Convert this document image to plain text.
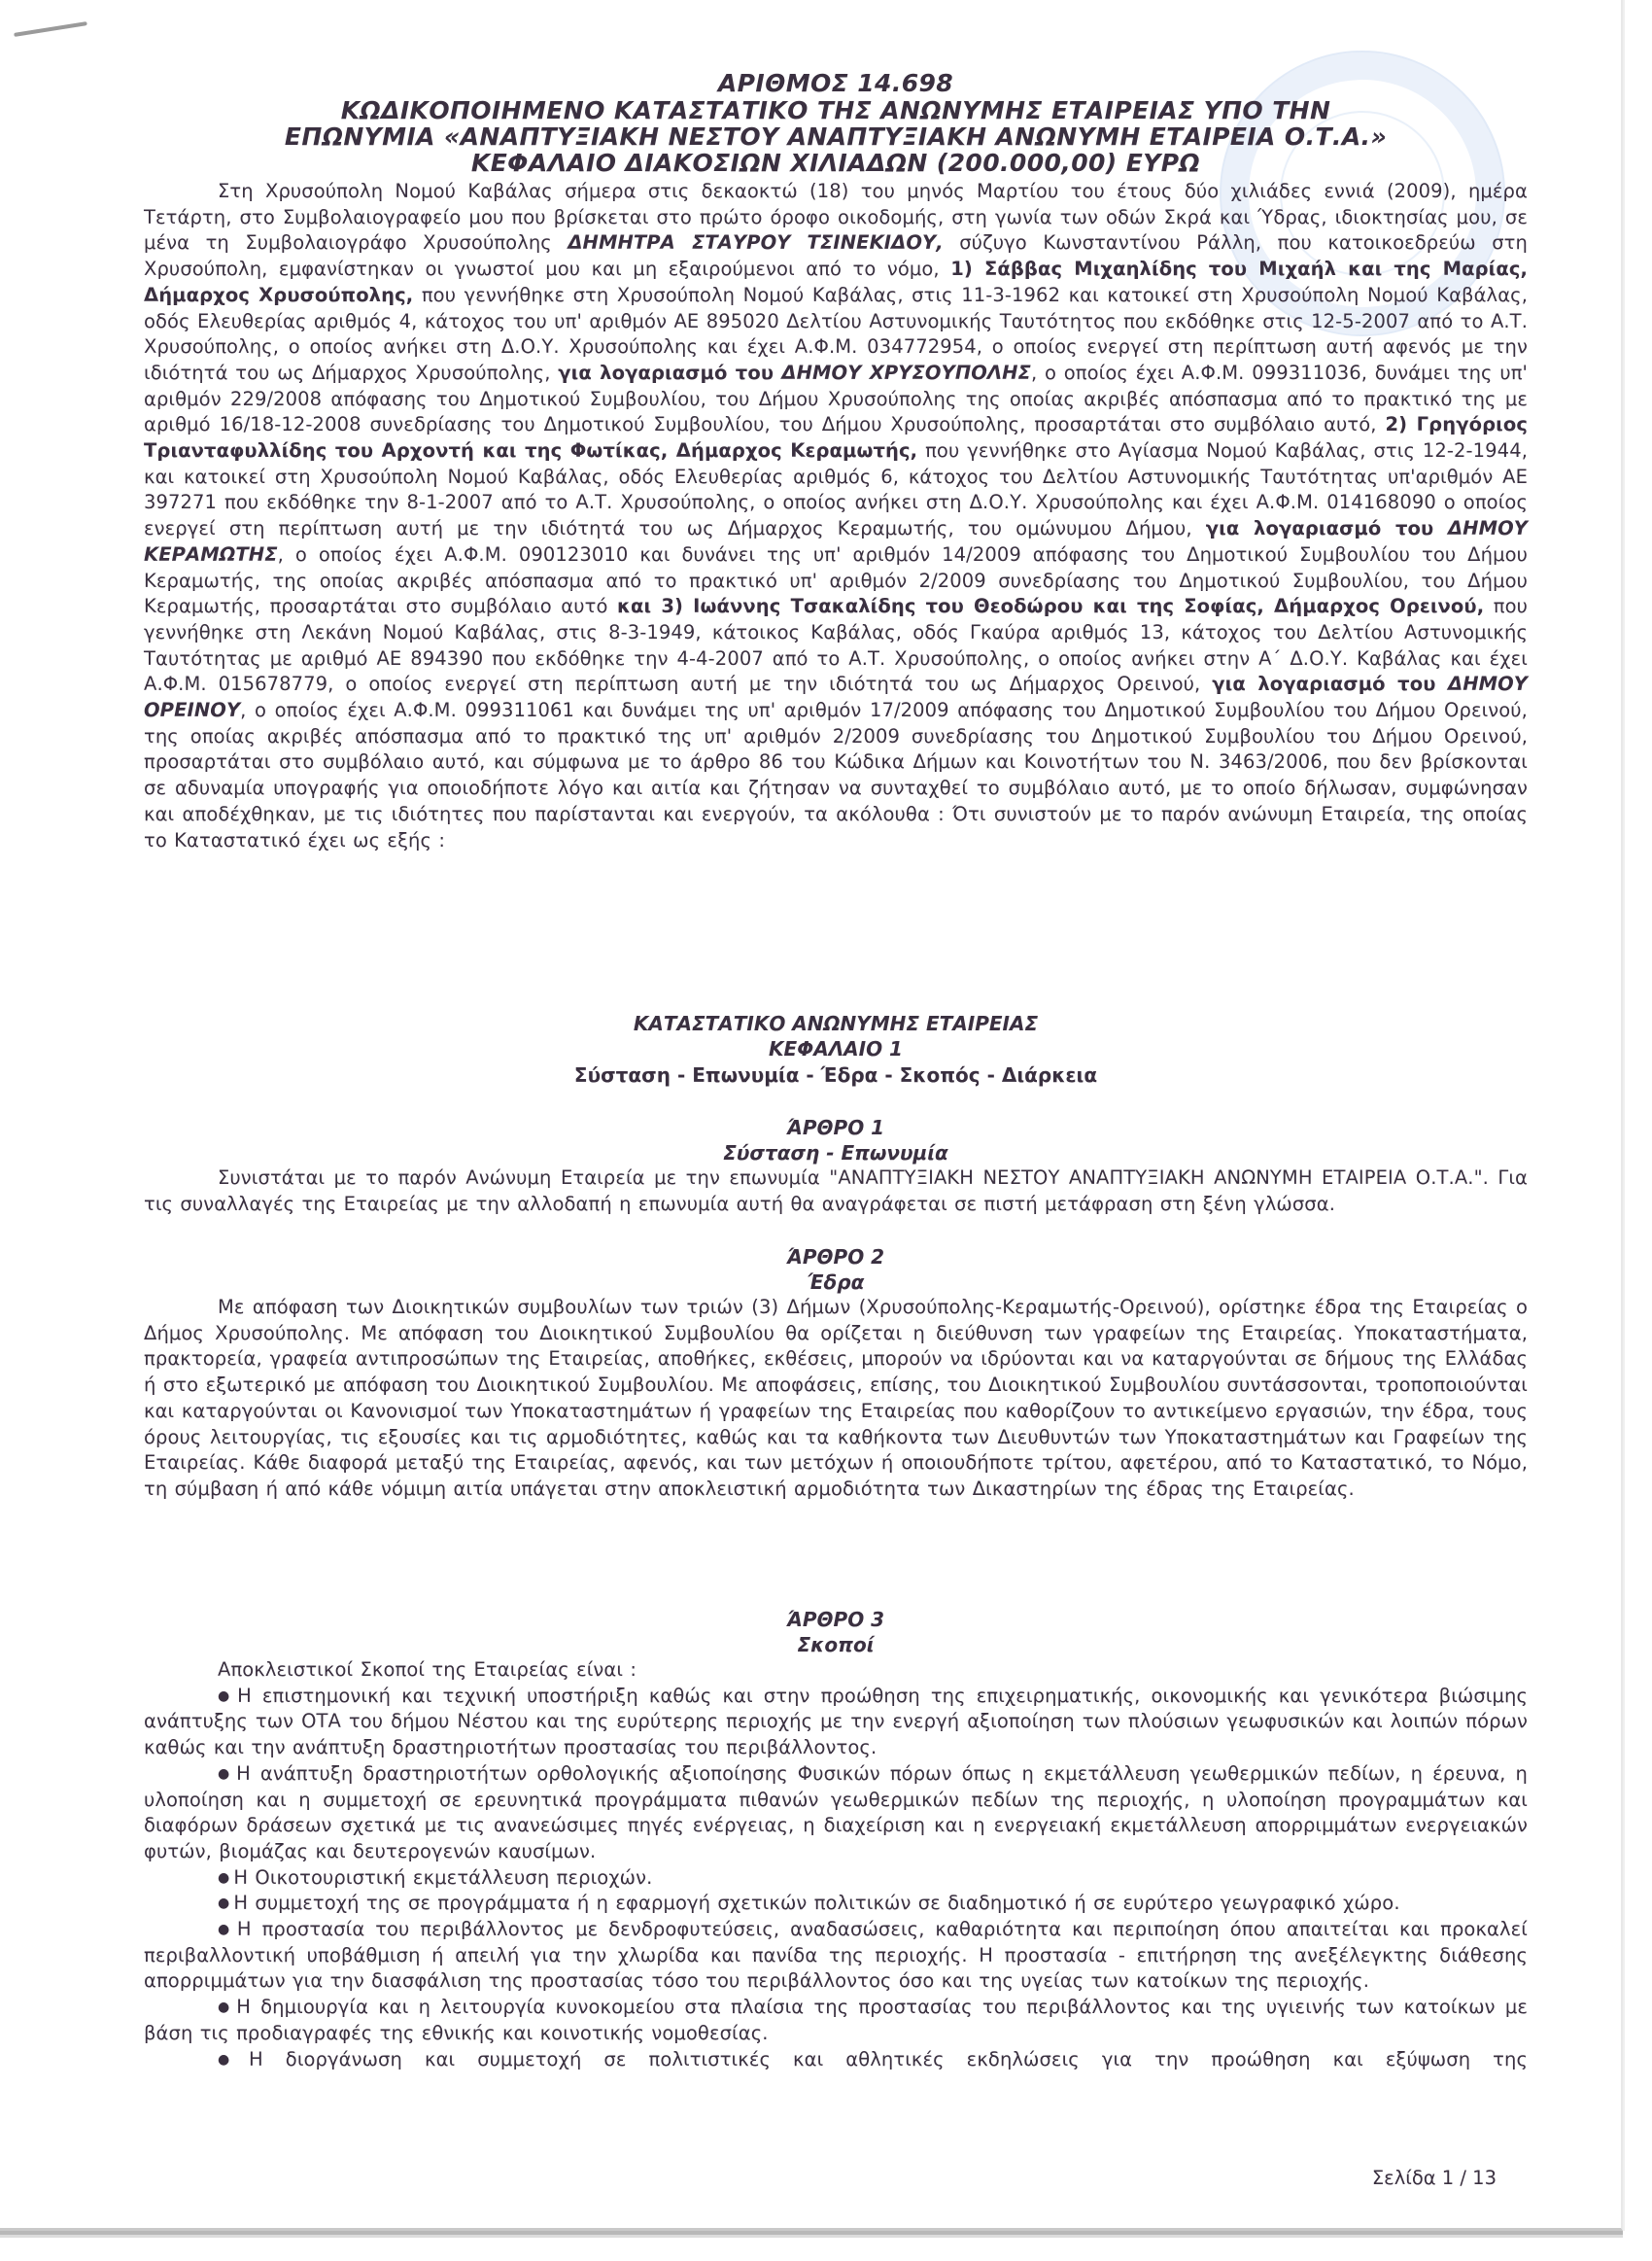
ΑΡΙΘΜΟΣ 14.698
ΚΩΔΙΚΟΠΟΙΗΜΕΝΟ ΚΑΤΑΣΤΑΤΙΚΟ ΤΗΣ ΑΝΩΝΥΜΗΣ ΕΤΑΙΡΕΙΑΣ ΥΠΟ ΤΗΝ
ΕΠΩΝΥΜΙΑ «ΑΝΑΠΤΥΞΙΑΚΗ ΝΕΣΤΟΥ ΑΝΑΠΤΥΞΙΑΚΗ ΑΝΩΝΥΜΗ ΕΤΑΙΡΕΙΑ Ο.Τ.Α.»
ΚΕΦΑΛΑΙΟ ΔΙΑΚΟΣΙΩΝ ΧΙΛΙΑΔΩΝ (200.000,00) ΕΥΡΩ
Στη Χρυσούπολη Νομού Καβάλας σήμερα στις δεκαοκτώ (18) του μηνός Μαρτίου του έτους δύο χιλιάδες εννιά (2009), ημέρα Τετάρτη, στο Συμβολαιογραφείο μου που βρίσκεται στο πρώτο όροφο οικοδομής, στη γωνία των οδών Σκρά και Ύδρας, ιδιοκτησίας μου, σε μένα τη Συμβολαιογράφο Χρυσούπολης ΔΗΜΗΤΡΑ ΣΤΑΥΡΟΥ ΤΣΙΝΕΚΙΔΟΥ, σύζυγο Κωνσταντίνου Ράλλη, που κατοικοεδρεύω στη Χρυσούπολη, εμφανίστηκαν οι γνωστοί μου και μη εξαιρούμενοι από το νόμο, 1) Σάββας Μιχαηλίδης του Μιχαήλ και της Μαρίας, Δήμαρχος Χρυσούπολης, που γεννήθηκε στη Χρυσούπολη Νομού Καβάλας, στις 11-3-1962 και κατοικεί στη Χρυσούπολη Νομού Καβάλας, οδός Ελευθερίας αριθμός 4, κάτοχος του υπ' αριθμόν ΑΕ 895020 Δελτίου Αστυνομικής Ταυτότητος που εκδόθηκε στις 12-5-2007 από το Α.Τ. Χρυσούπολης, ο οποίος ανήκει στη Δ.Ο.Υ. Χρυσούπολης και έχει Α.Φ.Μ. 034772954, ο οποίος ενεργεί στη περίπτωση αυτή αφενός με την ιδιότητά του ως Δήμαρχος Χρυσούπολης, για λογαριασμό του ΔΗΜΟΥ ΧΡΥΣΟΥΠΟΛΗΣ, ο οποίος έχει Α.Φ.Μ. 099311036, δυνάμει της υπ' αριθμόν 229/2008 απόφασης του Δημοτικού Συμβουλίου, του Δήμου Χρυσούπολης της οποίας ακριβές απόσπασμα από το πρακτικό της με αριθμό 16/18-12-2008 συνεδρίασης του Δημοτικού Συμβουλίου, του Δήμου Χρυσούπολης, προσαρτάται στο συμβόλαιο αυτό, 2) Γρηγόριος Τριανταφυλλίδης του Αρχοντή και της Φωτίκας, Δήμαρχος Κεραμωτής, που γεννήθηκε στο Αγίασμα Νομού Καβάλας, στις 12-2-1944, και κατοικεί στη Χρυσούπολη Νομού Καβάλας, οδός Ελευθερίας αριθμός 6, κάτοχος του Δελτίου Αστυνομικής Ταυτότητας υπ'αριθμόν ΑΕ 397271 που εκδόθηκε την 8-1-2007 από το Α.Τ. Χρυσούπολης, ο οποίος ανήκει στη Δ.Ο.Υ. Χρυσούπολης και έχει Α.Φ.Μ. 014168090 ο οποίος ενεργεί στη περίπτωση αυτή με την ιδιότητά του ως Δήμαρχος Κεραμωτής, του ομώνυμου Δήμου, για λογαριασμό του ΔΗΜΟΥ ΚΕΡΑΜΩΤΗΣ, ο οποίος έχει Α.Φ.Μ. 090123010 και δυνάνει της υπ' αριθμόν 14/2009 απόφασης του Δημοτικού Συμβουλίου του Δήμου Κεραμωτής, της οποίας ακριβές απόσπασμα από το πρακτικό υπ' αριθμόν 2/2009 συνεδρίασης του Δημοτικού Συμβουλίου, του Δήμου Κεραμωτής, προσαρτάται στο συμβόλαιο αυτό και 3) Ιωάννης Τσακαλίδης του Θεοδώρου και της Σοφίας, Δήμαρχος Ορεινού, που γεννήθηκε στη Λεκάνη Νομού Καβάλας, στις 8-3-1949, κάτοικος Καβάλας, οδός Γκαύρα αριθμός 13, κάτοχος του Δελτίου Αστυνομικής Ταυτότητας με αριθμό ΑΕ 894390 που εκδόθηκε την 4-4-2007 από το Α.Τ. Χρυσούπολης, ο οποίος ανήκει στην Α΄ Δ.Ο.Υ. Καβάλας και έχει Α.Φ.Μ. 015678779, ο οποίος ενεργεί στη περίπτωση αυτή με την ιδιότητά του ως Δήμαρχος Ορεινού, για λογαριασμό του ΔΗΜΟΥ ΟΡΕΙΝΟΥ, ο οποίος έχει Α.Φ.Μ. 099311061 και δυνάμει της υπ' αριθμόν 17/2009 απόφασης του Δημοτικού Συμβουλίου του Δήμου Ορεινού, της οποίας ακριβές απόσπασμα από το πρακτικό της υπ' αριθμόν 2/2009 συνεδρίασης του Δημοτικού Συμβουλίου του Δήμου Ορεινού, προσαρτάται στο συμβόλαιο αυτό, και σύμφωνα με το άρθρο 86 του Κώδικα Δήμων και Κοινοτήτων του Ν. 3463/2006, που δεν βρίσκονται σε αδυναμία υπογραφής για οποιοδήποτε λόγο και αιτία και ζήτησαν να συνταχθεί το συμβόλαιο αυτό, με το οποίο δήλωσαν, συμφώνησαν και αποδέχθηκαν, με τις ιδιότητες που παρίστανται και ενεργούν, τα ακόλουθα : Ότι συνιστούν με το παρόν ανώνυμη Εταιρεία, της οποίας το Καταστατικό έχει ως εξής :
ΚΑΤΑΣΤΑΤΙΚΟ ΑΝΩΝΥΜΗΣ ΕΤΑΙΡΕΙΑΣ
ΚΕΦΑΛΑΙΟ 1
Σύσταση - Επωνυμία - Έδρα - Σκοπός - Διάρκεια
ΆΡΘΡΟ 1
Σύσταση - Επωνυμία
Συνιστάται με το παρόν Ανώνυμη Εταιρεία με την επωνυμία "ΑΝΑΠΤΥΞΙΑΚΗ ΝΕΣΤΟΥ ΑΝΑΠΤΥΞΙΑΚΗ ΑΝΩΝΥΜΗ ΕΤΑΙΡΕΙΑ Ο.Τ.Α.". Για τις συναλλαγές της Εταιρείας με την αλλοδαπή η επωνυμία αυτή θα αναγράφεται σε πιστή μετάφραση στη ξένη γλώσσα.
ΆΡΘΡΟ 2
Έδρα
Με απόφαση των Διοικητικών συμβουλίων των τριών (3) Δήμων (Χρυσούπολης-Κεραμωτής-Ορεινού), ορίστηκε έδρα της Εταιρείας ο Δήμος Χρυσούπολης. Με απόφαση του Διοικητικού Συμβουλίου θα ορίζεται η διεύθυνση των γραφείων της Εταιρείας. Υποκαταστήματα, πρακτορεία, γραφεία αντιπροσώπων της Εταιρείας, αποθήκες, εκθέσεις, μπορούν να ιδρύονται και να καταργούνται σε δήμους της Ελλάδας ή στο εξωτερικό με απόφαση του Διοικητικού Συμβουλίου. Με αποφάσεις, επίσης, του Διοικητικού Συμβουλίου συντάσσονται, τροποποιούνται και καταργούνται οι Κανονισμοί των Υποκαταστημάτων ή γραφείων της Εταιρείας που καθορίζουν το αντικείμενο εργασιών, την έδρα, τους όρους λειτουργίας, τις εξουσίες και τις αρμοδιότητες, καθώς και τα καθήκοντα των Διευθυντών των Υποκαταστημάτων και Γραφείων της Εταιρείας. Κάθε διαφορά μεταξύ της Εταιρείας, αφενός, και των μετόχων ή οποιουδήποτε τρίτου, αφετέρου, από το Καταστατικό, το Νόμο, τη σύμβαση ή από κάθε νόμιμη αιτία υπάγεται στην αποκλειστική αρμοδιότητα των Δικαστηρίων της έδρας της Εταιρείας.
ΆΡΘΡΟ 3
Σκοποί

Αποκλειστικοί Σκοποί της Εταιρείας είναι :

● Η επιστημονική και τεχνική υποστήριξη καθώς και στην προώθηση της επιχειρηματικής, οικονομικής και γενικότερα βιώσιμης ανάπτυξης των ΟΤΑ του δήμου Νέστου και της ευρύτερης περιοχής με την ενεργή αξιοποίηση των πλούσιων γεωφυσικών και λοιπών πόρων καθώς και την ανάπτυξη δραστηριοτήτων προστασίας του περιβάλλοντος.

● Η ανάπτυξη δραστηριοτήτων ορθολογικής αξιοποίησης Φυσικών πόρων όπως η εκμετάλλευση γεωθερμικών πεδίων, η έρευνα, η υλοποίηση και η συμμετοχή σε ερευνητικά προγράμματα πιθανών γεωθερμικών πεδίων της περιοχής, η υλοποίηση προγραμμάτων και διαφόρων δράσεων σχετικά με τις ανανεώσιμες πηγές ενέργειας, η διαχείριση και η ενεργειακή εκμετάλλευση απορριμμάτων ενεργειακών φυτών, βιομάζας και δευτερογενών καυσίμων.

● Η Οικοτουριστική εκμετάλλευση περιοχών.

● Η συμμετοχή της σε προγράμματα ή η εφαρμογή σχετικών πολιτικών σε διαδημοτικό ή σε ευρύτερο γεωγραφικό χώρο.

● Η προστασία του περιβάλλοντος με δενδροφυτεύσεις, αναδασώσεις, καθαριότητα και περιποίηση όπου απαιτείται και προκαλεί περιβαλλοντική υποβάθμιση ή απειλή για την χλωρίδα και πανίδα της περιοχής. Η προστασία - επιτήρηση της ανεξέλεγκτης διάθεσης απορριμμάτων για την διασφάλιση της προστασίας τόσο του περιβάλλοντος όσο και της υγείας των κατοίκων της περιοχής.

● Η δημιουργία και η λειτουργία κυνοκομείου στα πλαίσια της προστασίας του περιβάλλοντος και της υγιεινής των κατοίκων με βάση τις προδιαγραφές της εθνικής και κοινοτικής νομοθεσίας.

● Η διοργάνωση και συμμετοχή σε πολιτιστικές και αθλητικές εκδηλώσεις για την προώθηση και εξύψωση της

Σελίδα 1 / 13
